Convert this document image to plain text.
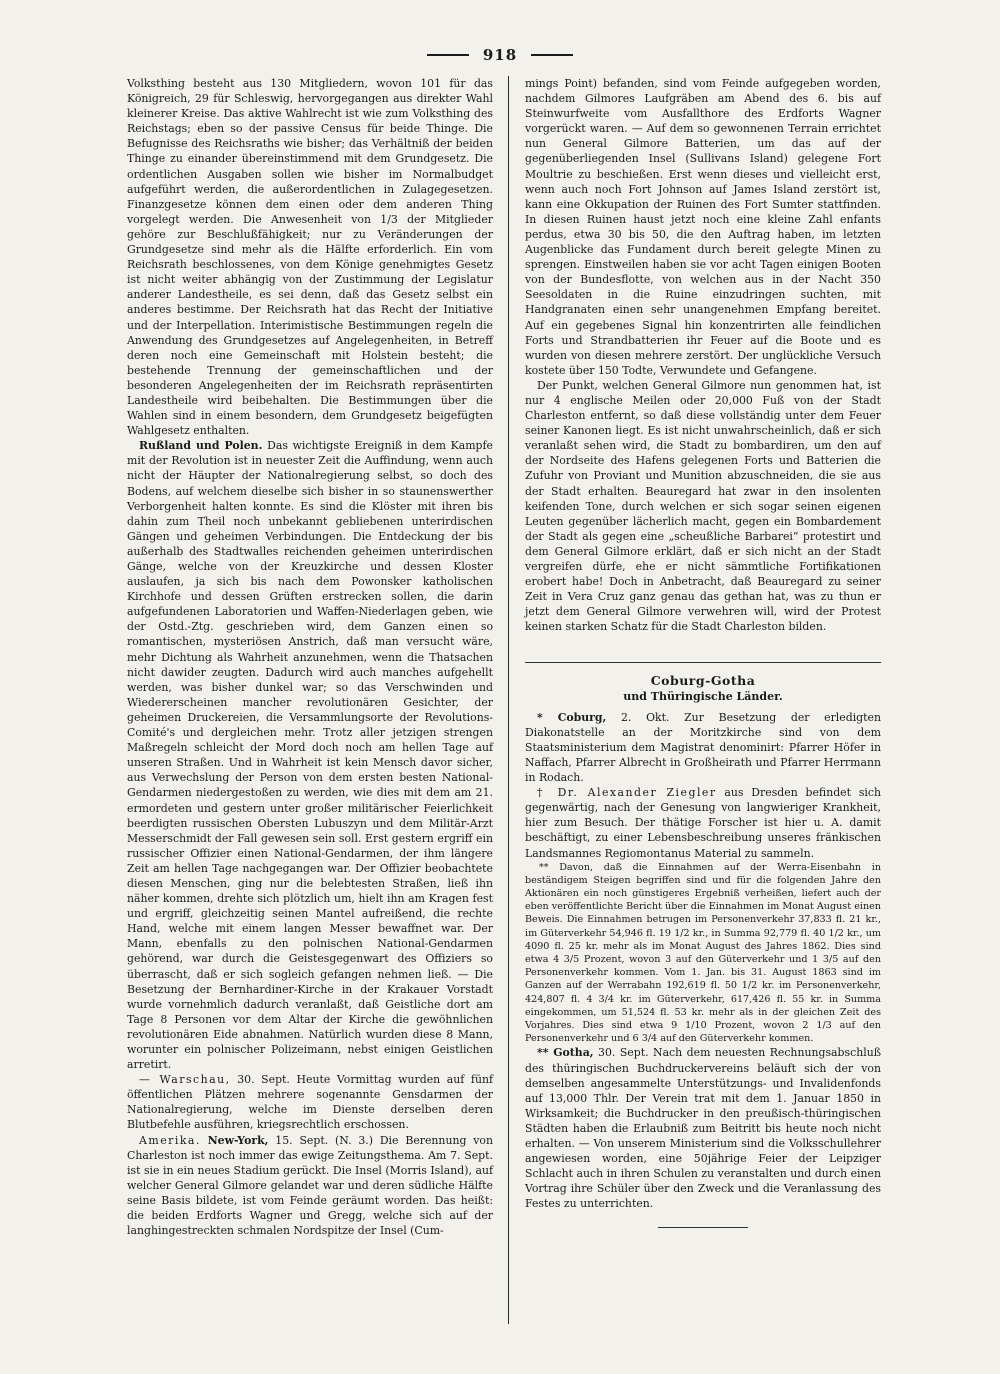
918

Volksthing besteht aus 130 Mitgliedern, wovon 101 für das Königreich, 29 für Schleswig, hervorgegangen aus direkter Wahl kleinerer Kreise. Das aktive Wahlrecht ist wie zum Volksthing des Reichstags; eben so der passive Census für beide Thinge. Die Befugnisse des Reichsraths wie bisher; das Verhältniß der beiden Thinge zu einander übereinstimmend mit dem Grundgesetz. Die ordentlichen Ausgaben sollen wie bisher im Normalbudget aufgeführt werden, die außerordentlichen in Zulagegesetzen. Finanzgesetze können dem einen oder dem anderen Thing vorgelegt werden. Die Anwesenheit von 1/3 der Mitglieder gehöre zur Beschlußfähigkeit; nur zu Veränderungen der Grundgesetze sind mehr als die Hälfte erforderlich. Ein vom Reichsrath beschlossenes, von dem Könige genehmigtes Gesetz ist nicht weiter abhängig von der Zustimmung der Legislatur anderer Landestheile, es sei denn, daß das Gesetz selbst ein anderes bestimme. Der Reichsrath hat das Recht der Initiative und der Interpellation. Interimistische Bestimmungen regeln die Anwendung des Grundgesetzes auf Angelegenheiten, in Betreff deren noch eine Gemeinschaft mit Holstein besteht; die bestehende Trennung der gemeinschaftlichen und der besonderen Angelegenheiten der im Reichsrath repräsentirten Landestheile wird beibehalten. Die Bestimmungen über die Wahlen sind in einem besondern, dem Grundgesetz beigefügten Wahlgesetz enthalten.

Rußland und Polen. Das wichtigste Ereigniß in dem Kampfe mit der Revolution ist in neuester Zeit die Auffindung, wenn auch nicht der Häupter der Nationalregierung selbst, so doch des Bodens, auf welchem dieselbe sich bisher in so staunenswerther Verborgenheit halten konnte. Es sind die Klöster mit ihren bis dahin zum Theil noch unbekannt gebliebenen unterirdischen Gängen und geheimen Verbindungen. Die Entdeckung der bis außerhalb des Stadtwalles reichenden geheimen unterirdischen Gänge, welche von der Kreuzkirche und dessen Kloster auslaufen, ja sich bis nach dem Powonsker katholischen Kirchhofe und dessen Grüften erstrecken sollen, die darin aufgefundenen Laboratorien und Waffen-Niederlagen geben, wie der Ostd.-Ztg. geschrieben wird, dem Ganzen einen so romantischen, mysteriösen Anstrich, daß man versucht wäre, mehr Dichtung als Wahrheit anzunehmen, wenn die Thatsachen nicht dawider zeugten. Dadurch wird auch manches aufgehellt werden, was bisher dunkel war; so das Verschwinden und Wiedererscheinen mancher revolutionären Gesichter, der geheimen Druckereien, die Versammlungsorte der Revolutions-Comité's und dergleichen mehr. Trotz aller jetzigen strengen Maßregeln schleicht der Mord doch noch am hellen Tage auf unseren Straßen. Und in Wahrheit ist kein Mensch davor sicher, aus Verwechslung der Person von dem ersten besten National-Gendarmen niedergestoßen zu werden, wie dies mit dem am 21. ermordeten und gestern unter großer militärischer Feierlichkeit beerdigten russischen Obersten Lubuszyn und dem Militär-Arzt Messerschmidt der Fall gewesen sein soll. Erst gestern ergriff ein russischer Offizier einen National-Gendarmen, der ihm längere Zeit am hellen Tage nachgegangen war. Der Offizier beobachtete diesen Menschen, ging nur die belebtesten Straßen, ließ ihn näher kommen, drehte sich plötzlich um, hielt ihn am Kragen fest und ergriff, gleichzeitig seinen Mantel aufreißend, die rechte Hand, welche mit einem langen Messer bewaffnet war. Der Mann, ebenfalls zu den polnischen National-Gendarmen gehörend, war durch die Geistesgegenwart des Offiziers so überrascht, daß er sich sogleich gefangen nehmen ließ. — Die Besetzung der Bernhardiner-Kirche in der Krakauer Vorstadt wurde vornehmlich dadurch veranlaßt, daß Geistliche dort am Tage 8 Personen vor dem Altar der Kirche die gewöhnlichen revolutionären Eide abnahmen. Natürlich wurden diese 8 Mann, worunter ein polnischer Polizeimann, nebst einigen Geistlichen arretirt.

— Warschau, 30. Sept. Heute Vormittag wurden auf fünf öffentlichen Plätzen mehrere sogenannte Gensdarmen der Nationalregierung, welche im Dienste derselben deren Blutbefehle ausführen, kriegsrechtlich erschossen.

Amerika. New-York, 15. Sept. (N. 3.) Die Berennung von Charleston ist noch immer das ewige Zeitungsthema. Am 7. Sept. ist sie in ein neues Stadium gerückt. Die Insel (Morris Island), auf welcher General Gilmore gelandet war und deren südliche Hälfte seine Basis bildete, ist vom Feinde geräumt worden. Das heißt: die beiden Erdforts Wagner und Gregg, welche sich auf der langhingestreckten schmalen Nordspitze der Insel (Cum-

mings Point) befanden, sind vom Feinde aufgegeben worden, nachdem Gilmores Laufgräben am Abend des 6. bis auf Steinwurfweite vom Ausfallthore des Erdforts Wagner vorgerückt waren. — Auf dem so gewonnenen Terrain errichtet nun General Gilmore Batterien, um das auf der gegenüberliegenden Insel (Sullivans Island) gelegene Fort Moultrie zu beschießen. Erst wenn dieses und vielleicht erst, wenn auch noch Fort Johnson auf James Island zerstört ist, kann eine Okkupation der Ruinen des Fort Sumter stattfinden. In diesen Ruinen haust jetzt noch eine kleine Zahl enfants perdus, etwa 30 bis 50, die den Auftrag haben, im letzten Augenblicke das Fundament durch bereit gelegte Minen zu sprengen. Einstweilen haben sie vor acht Tagen einigen Booten von der Bundesflotte, von welchen aus in der Nacht 350 Seesoldaten in die Ruine einzudringen suchten, mit Handgranaten einen sehr unangenehmen Empfang bereitet. Auf ein gegebenes Signal hin konzentrirten alle feindlichen Forts und Strandbatterien ihr Feuer auf die Boote und es wurden von diesen mehrere zerstört. Der unglückliche Versuch kostete über 150 Todte, Verwundete und Gefangene.

Der Punkt, welchen General Gilmore nun genommen hat, ist nur 4 englische Meilen oder 20,000 Fuß von der Stadt Charleston entfernt, so daß diese vollständig unter dem Feuer seiner Kanonen liegt. Es ist nicht unwahrscheinlich, daß er sich veranlaßt sehen wird, die Stadt zu bombardiren, um den auf der Nordseite des Hafens gelegenen Forts und Batterien die Zufuhr von Proviant und Munition abzuschneiden, die sie aus der Stadt erhalten. Beauregard hat zwar in den insolenten keifenden Tone, durch welchen er sich sogar seinen eigenen Leuten gegenüber lächerlich macht, gegen ein Bombardement der Stadt als gegen eine „scheußliche Barbarei“ protestirt und dem General Gilmore erklärt, daß er sich nicht an der Stadt vergreifen dürfe, ehe er nicht sämmtliche Fortifikationen erobert habe! Doch in Anbetracht, daß Beauregard zu seiner Zeit in Vera Cruz ganz genau das gethan hat, was zu thun er jetzt dem General Gilmore verwehren will, wird der Protest keinen starken Schatz für die Stadt Charleston bilden.

Coburg-Gotha
und Thüringische Länder.

* Coburg, 2. Okt. Zur Besetzung der erledigten Diakonatstelle an der Moritzkirche sind von dem Staatsministerium dem Magistrat denominirt: Pfarrer Höfer in Naffach, Pfarrer Albrecht in Großheirath und Pfarrer Herrmann in Rodach.

† Dr. Alexander Ziegler aus Dresden befindet sich gegenwärtig, nach der Genesung von langwieriger Krankheit, hier zum Besuch. Der thätige Forscher ist hier u. A. damit beschäftigt, zu einer Lebensbeschreibung unseres fränkischen Landsmannes Regiomontanus Material zu sammeln.

** Davon, daß die Einnahmen auf der Werra-Eisenbahn in beständigem Steigen begriffen sind und für die folgenden Jahre den Aktionären ein noch günstigeres Ergebniß verheißen, liefert auch der eben veröffentlichte Bericht über die Einnahmen im Monat August einen Beweis. Die Einnahmen betrugen im Personenverkehr 37,833 fl. 21 kr., im Güterverkehr 54,946 fl. 19 1/2 kr., in Summa 92,779 fl. 40 1/2 kr., um 4090 fl. 25 kr. mehr als im Monat August des Jahres 1862. Dies sind etwa 4 3/5 Prozent, wovon 3 auf den Güterverkehr und 1 3/5 auf den Personenverkehr kommen. Vom 1. Jan. bis 31. August 1863 sind im Ganzen auf der Werrabahn 192,619 fl. 50 1/2 kr. im Personenverkehr, 424,807 fl. 4 3/4 kr. im Güterverkehr, 617,426 fl. 55 kr. in Summa eingekommen, um 51,524 fl. 53 kr. mehr als in der gleichen Zeit des Vorjahres. Dies sind etwa 9 1/10 Prozent, wovon 2 1/3 auf den Personenverkehr und 6 3/4 auf den Güterverkehr kommen.

** Gotha, 30. Sept. Nach dem neuesten Rechnungsabschluß des thüringischen Buchdruckervereins beläuft sich der von demselben angesammelte Unterstützungs- und Invalidenfonds auf 13,000 Thlr. Der Verein trat mit dem 1. Januar 1850 in Wirksamkeit; die Buchdrucker in den preußisch-thüringischen Städten haben die Erlaubniß zum Beitritt bis heute noch nicht erhalten. — Von unserem Ministerium sind die Volksschullehrer angewiesen worden, eine 50jährige Feier der Leipziger Schlacht auch in ihren Schulen zu veranstalten und durch einen Vortrag ihre Schüler über den Zweck und die Veranlassung des Festes zu unterrichten.
